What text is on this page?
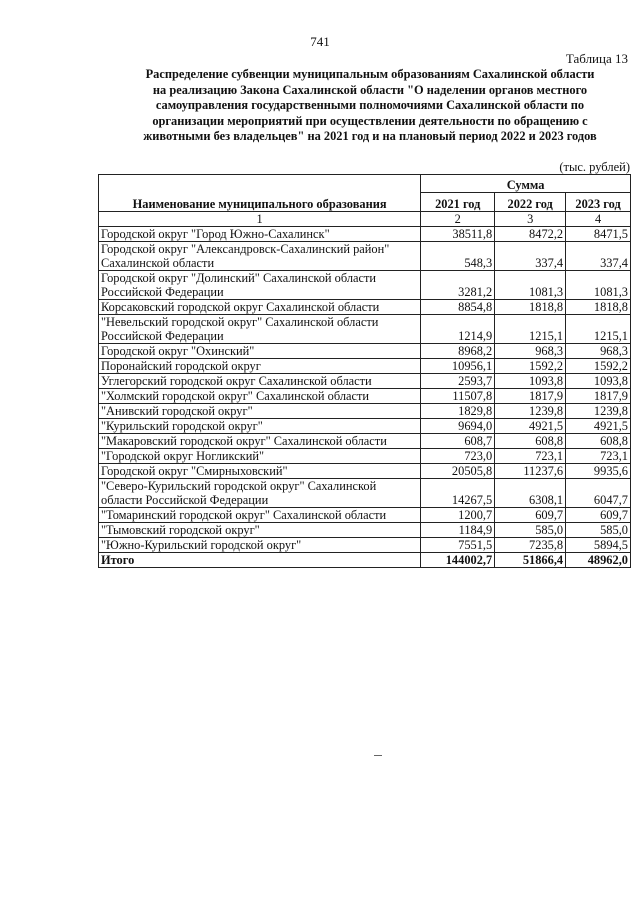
741
Таблица 13
Распределение субвенции муниципальным образованиям Сахалинской области
на реализацию Закона Сахалинской области "О наделении органов местного
самоуправления государственными полномочиями Сахалинской области по
организации мероприятий при осуществлении деятельности по обращению с
животными без владельцев" на 2021 год и на плановый период 2022 и 2023 годов
(тыс. рублей)
Наименование муниципального образования	Сумма		
	2021 год	2022 год	2023 год
1	2	3	4
Городской округ "Город Южно-Сахалинск"	38511,8	8472,2	8471,5
Городской округ "Александровск-Сахалинский район" Сахалинской области	548,3	337,4	337,4
Городской округ "Долинский" Сахалинской области Российской Федерации	3281,2	1081,3	1081,3
Корсаковский городской округ Сахалинской области	8854,8	1818,8	1818,8
"Невельский городской округ" Сахалинской области Российской Федерации	1214,9	1215,1	1215,1
Городской округ "Охинский"	8968,2	968,3	968,3
Поронайский городской округ	10956,1	1592,2	1592,2
Углегорский городской округ Сахалинской области	2593,7	1093,8	1093,8
"Холмский городской округ" Сахалинской области	11507,8	1817,9	1817,9
"Анивский городской округ"	1829,8	1239,8	1239,8
"Курильский городской округ"	9694,0	4921,5	4921,5
"Макаровский городской округ" Сахалинской области	608,7	608,8	608,8
"Городской округ Ногликский"	723,0	723,1	723,1
Городской округ "Смирныховский"	20505,8	11237,6	9935,6
"Северо-Курильский городской округ" Сахалинской области Российской Федерации	14267,5	6308,1	6047,7
"Томаринский городской округ" Сахалинской области	1200,7	609,7	609,7
"Тымовский городской округ"	1184,9	585,0	585,0
"Южно-Курильский городской округ"	7551,5	7235,8	5894,5
Итого	144002,7	51866,4	48962,0
